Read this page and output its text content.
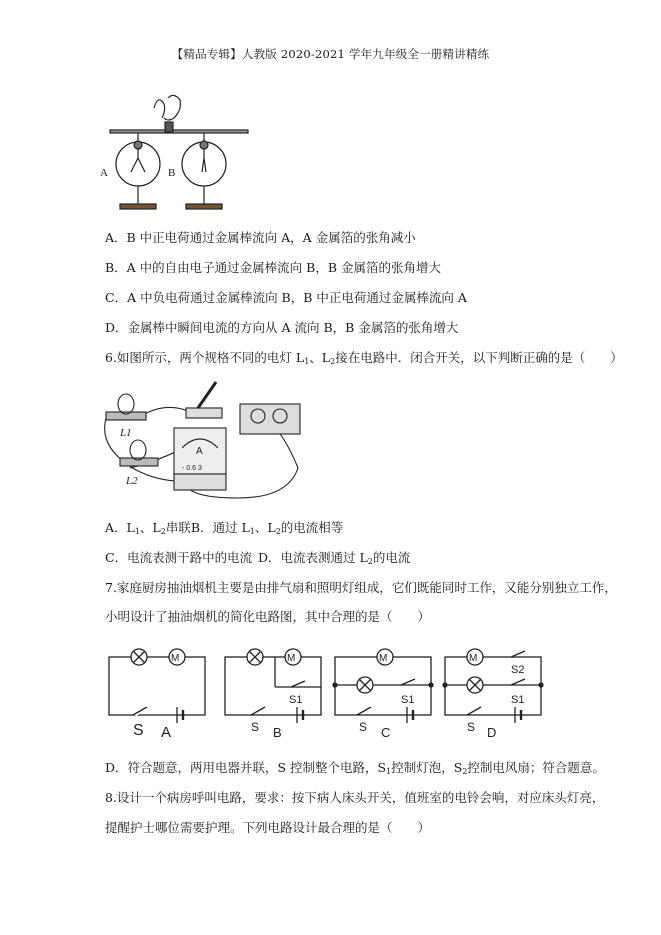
【精品专辑】人教版 2020-2021 学年九年级全一册精讲精练
A	B
A．B 中正电荷通过金属棒流向 A，A 金属箔的张角减小
B．A 中的自由电子通过金属棒流向 B，B 金属箔的张角增大
C．A 中负电荷通过金属棒流向 B，B 中正电荷通过金属棒流向 A
D．金属棒中瞬间电流的方向从 A 流向 B，B 金属箔的张角增大
6.如图所示，两个规格不同的电灯 $L_1$、$L_2$接在电路中．闭合开关，以下判断正确的是（　　）
L1
L2
A
- 0.6 3
A．$L_1$、$L_2$串联B．通过 $L_1$、$L_2$的电流相等
C．电流表测干路中的电流 D．电流表测通过 $L_2$的电流
7.家庭厨房抽油烟机主要是由排气扇和照明灯组成，它们既能同时工作，又能分别独立工作，
小明设计了抽油烟机的简化电路图，其中合理的是（　　）
M	M	M	M
S A	S B
S1
S C
S1
S D
S2
S1
D．符合题意，两用电器并联，S 控制整个电路，$S_1$控制灯泡，$S_2$控制电风扇；符合题意。
8.设计一个病房呼叫电路，要求：按下病人床头开关，值班室的电铃会响，对应床头灯亮，
提醒护士哪位需要护理。下列电路设计最合理的是（　　）
